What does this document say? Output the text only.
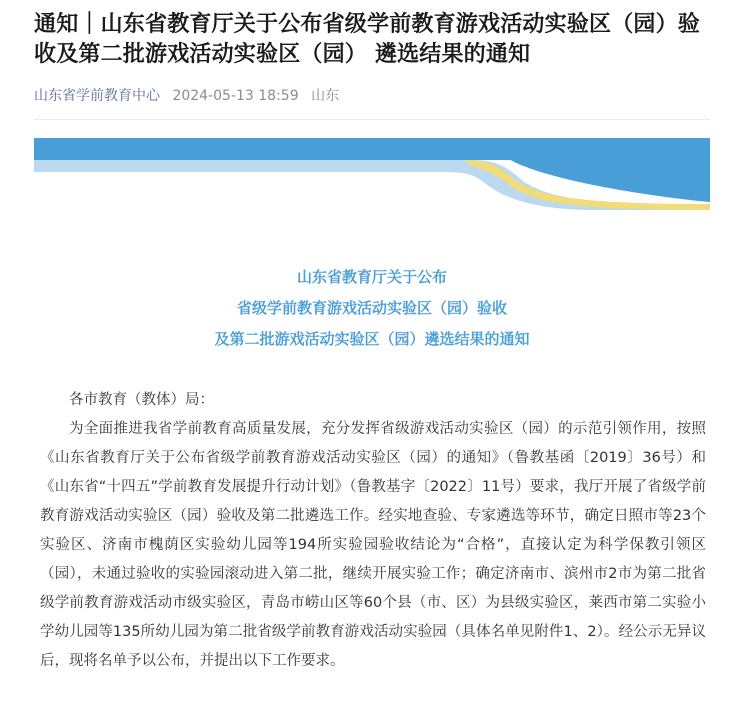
通知｜山东省教育厅关于公布省级学前教育游戏活动实验区（园）验收及第二批游戏活动实验区（园） 遴选结果的通知
山东省学前教育中心 2024-05-13 18:59 山东
山东省教育厅关于公布
省级学前教育游戏活动实验区（园）验收
及第二批游戏活动实验区（园）遴选结果的通知

各市教育（教体）局：

为全面推进我省学前教育高质量发展，充分发挥省级游戏活动实验区（园）的示范引领作用，按照《山东省教育厅关于公布省级学前教育游戏活动实验区（园）的通知》（鲁教基函〔2019〕36号）和《山东省“十四五”学前教育发展提升行动计划》（鲁教基字〔2022〕11号）要求，我厅开展了省级学前教育游戏活动实验区（园）验收及第二批遴选工作。经实地查验、专家遴选等环节，确定日照市等23个实验区、济南市槐荫区实验幼儿园等194所实验园验收结论为“合格”，直接认定为科学保教引领区（园），未通过验收的实验园滚动进入第二批，继续开展实验工作；确定济南市、滨州市2市为第二批省级学前教育游戏活动市级实验区，青岛市崂山区等60个县（市、区）为县级实验区，莱西市第二实验小学幼儿园等135所幼儿园为第二批省级学前教育游戏活动实验园（具体名单见附件1、2）。经公示无异议后，现将名单予以公布，并提出以下工作要求。
